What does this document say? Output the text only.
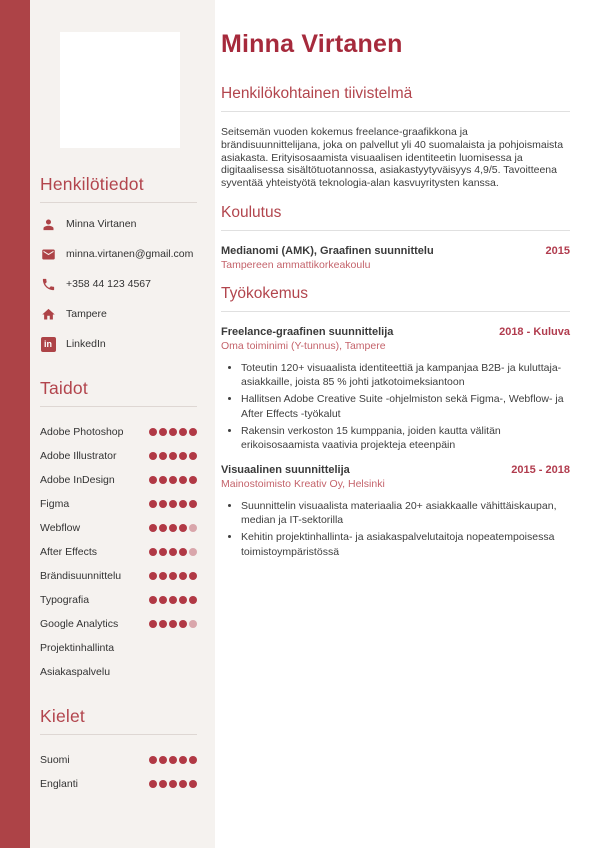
Henkilötiedot
Minna Virtanen
minna.virtanen@gmail.com
+358 44 123 4567
Tampere
in	LinkedIn
Taidot
Adobe Photoshop
Adobe Illustrator
Adobe InDesign
Figma
Webflow
After Effects
Brändisuunnittelu
Typografia
Google Analytics
Projektinhallinta
Asiakaspalvelu
Kielet
Suomi
Englanti
Minna Virtanen
Henkilökohtainen tiivistelmä

Seitsemän vuoden kokemus freelance-graafikkona ja brändisuunnittelijana, joka on palvellut yli 40 suomalaista ja pohjoismaista asiakasta. Erityisosaamista visuaalisen identiteetin luomisessa ja digitaalisessa sisältötuotannossa, asiakastyytyväisyys 4,9/5. Tavoitteena syventää yhteistyötä teknologia-alan kasvuyritysten kanssa.

Koulutus
Medianomi (AMK), Graafinen suunnittelu	2015
Tampereen ammattikorkeakoulu
Työkokemus
Freelance-graafinen suunnittelija	2018 - Kuluva
Oma toiminimi (Y-tunnus), Tampere
• Toteutin 120+ visuaalista identiteettiä ja kampanjaa B2B- ja kuluttaja-asiakkaille, joista 85 % johti jatkotoimeksiantoon
• Hallitsen Adobe Creative Suite -ohjelmiston sekä Figma-, Webflow- ja After Effects -työkalut
• Rakensin verkoston 15 kumppania, joiden kautta välitän erikoisosaamista vaativia projekteja eteenpäin
Visuaalinen suunnittelija	2015 - 2018
Mainostoimisto Kreativ Oy, Helsinki
• Suunnittelin visuaalista materiaalia 20+ asiakkaalle vähittäiskaupan, median ja IT-sektorilla
• Kehitin projektinhallinta- ja asiakaspalvelutaitoja nopeatempoisessa toimistoympäristössä
